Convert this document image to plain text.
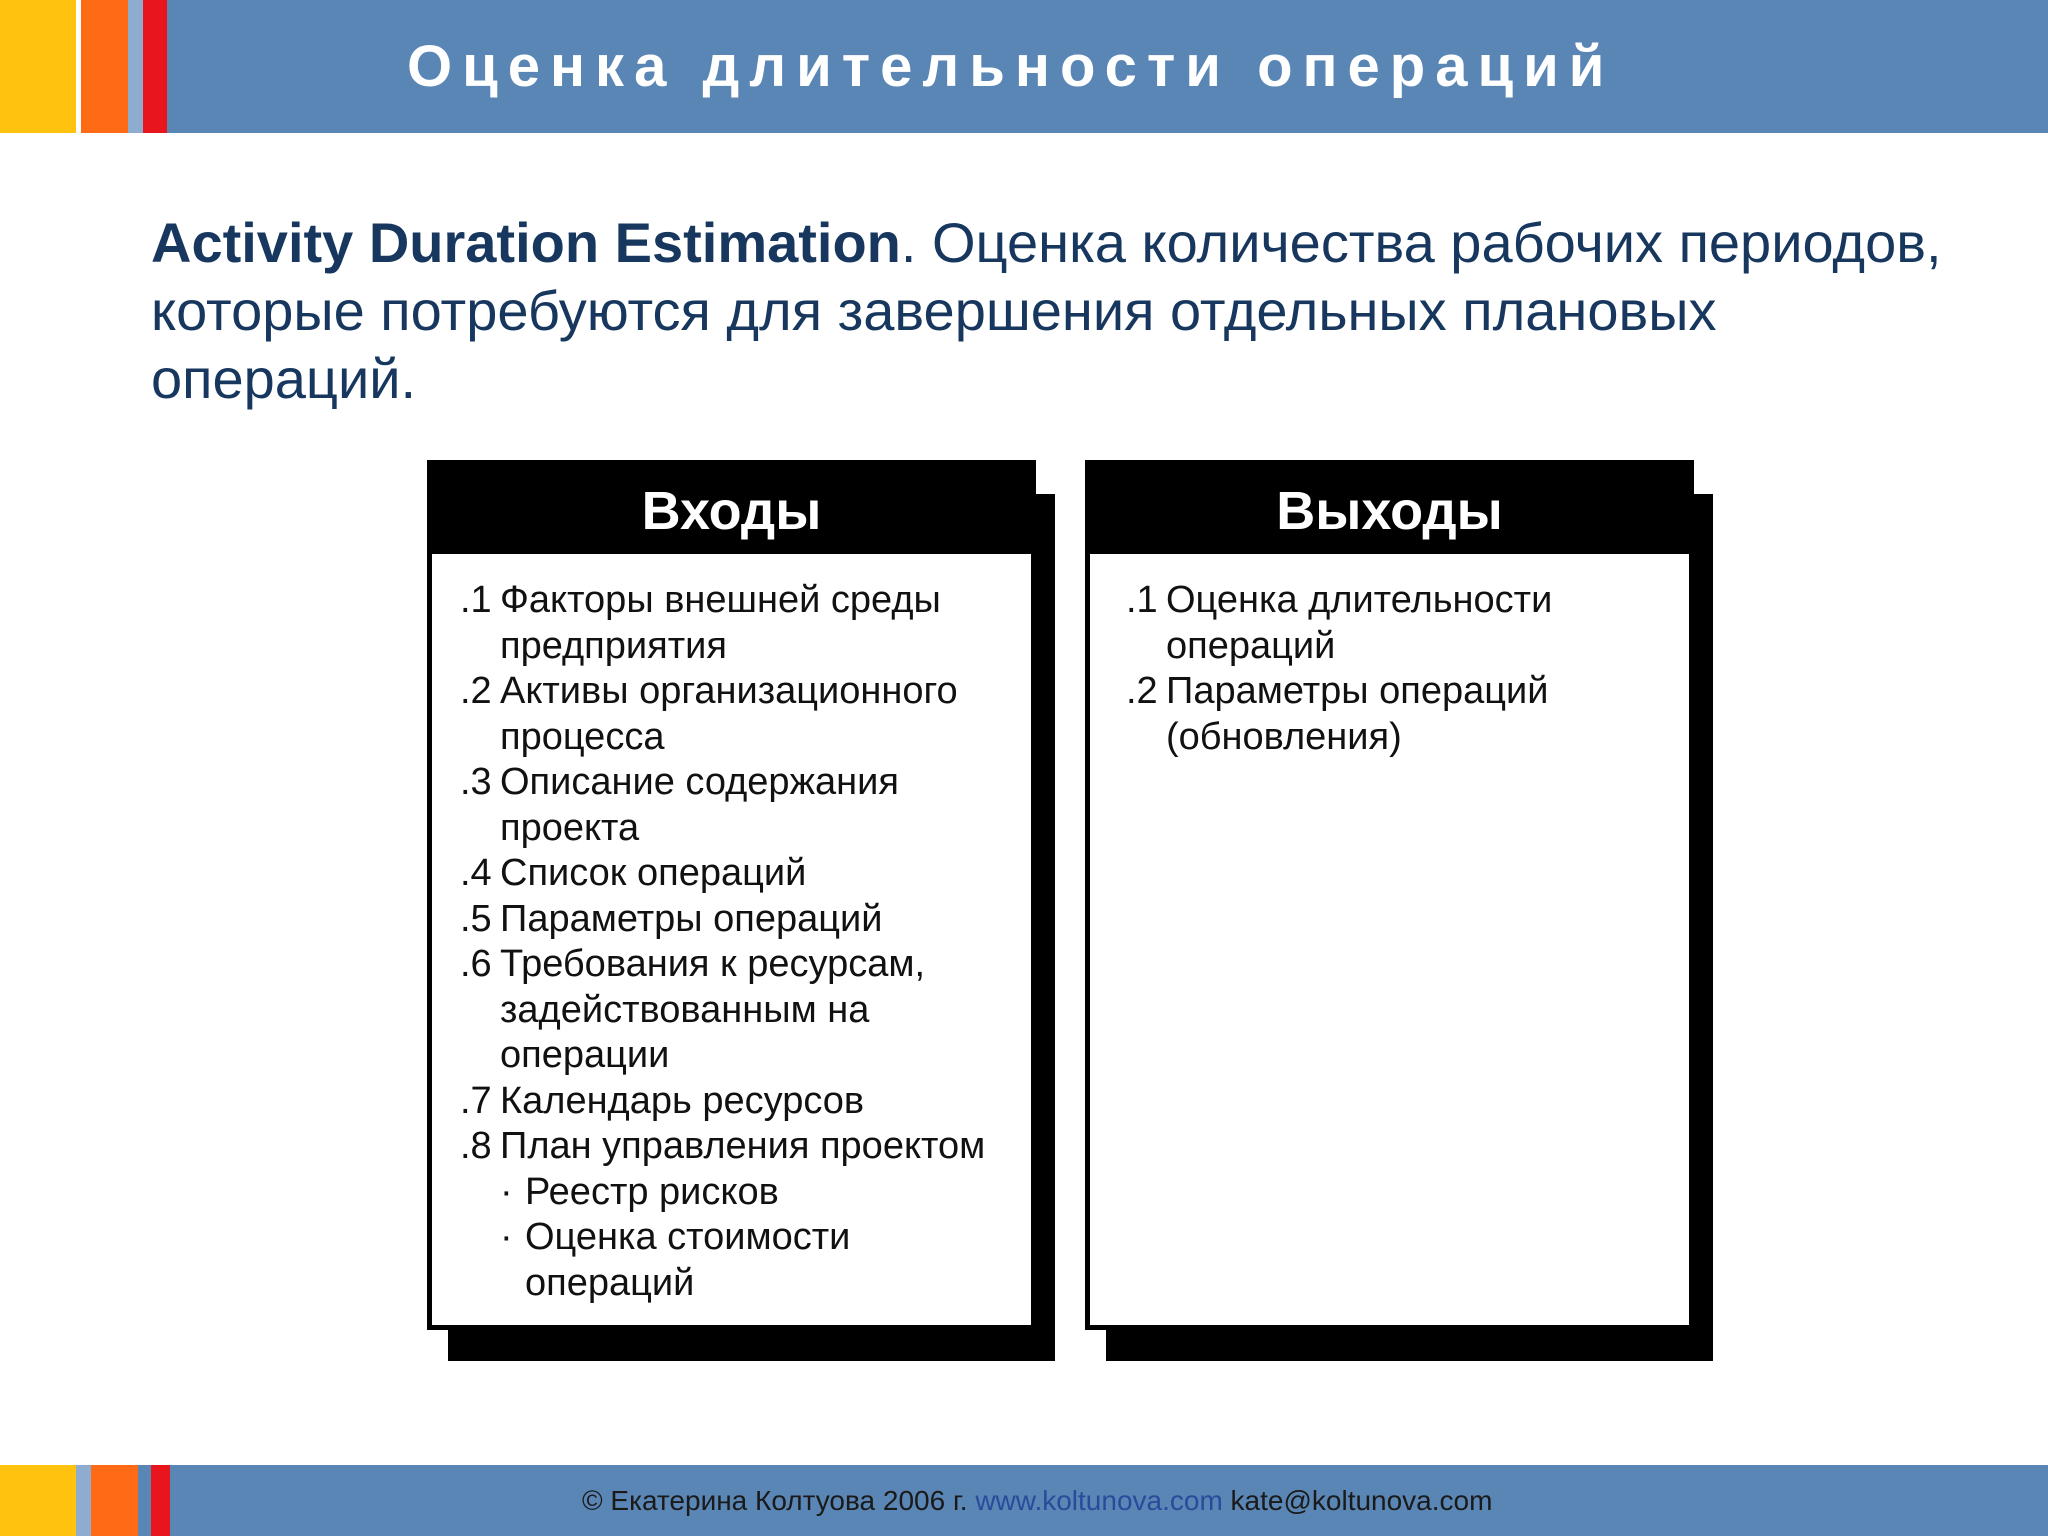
Оценка длительности операций

Activity Duration Estimation. Оценка количества рабочих периодов, которые потребуются для завершения отдельных плановых операций.

Входы
.1 Факторы внешней среды предприятия
.2 Активы организационного процесса
.3 Описание содержания проекта
.4 Список операций
.5 Параметры операций
.6 Требования к ресурсам, задействованным на операции
.7 Календарь ресурсов
.8 План управления проектом
· Реестр рисков
· Оценка стоимости операций
Выходы
.1 Оценка длительности операций
.2 Параметры операций (обновления)
© Екатерина Колтуова 2006 г. www.koltunova.com kate@koltunova.com
